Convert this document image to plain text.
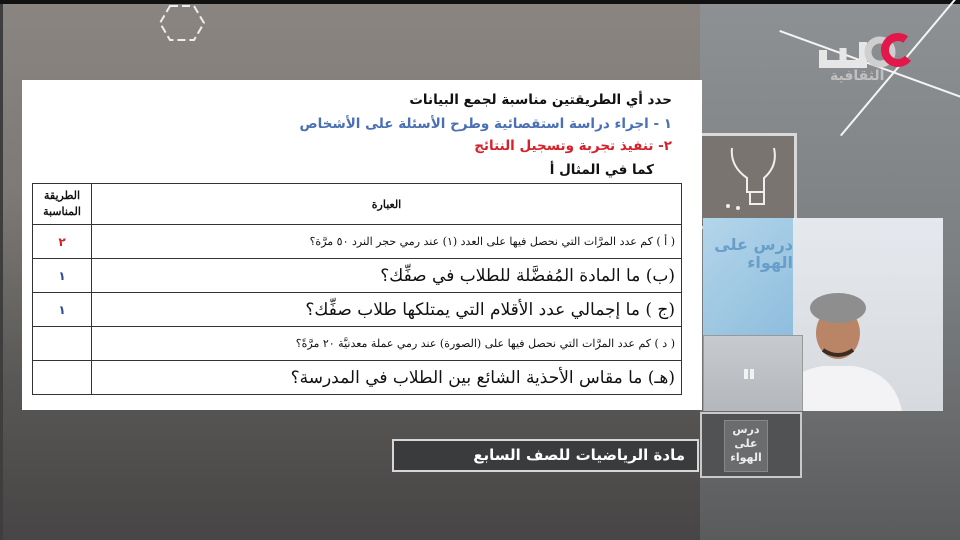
الثقافية
حدد أي الطريقتين مناسبة لجمع البيانات
١ - اجراء دراسة استقصائية وطرح الأسئلة على الأشخاص
٢- تنفيذ تجربة وتسجيل النتائج
كما في المثال أ
العبارة	الطريقة المناسبة
( أ ) كم عدد المرَّات التي نحصل فيها على العدد (١) عند رمي حجر النرد ٥٠ مرَّة؟	٢
(ب) ما المادة المُفضَّلة للطلاب في صفِّك؟	١
(ج ) ما إجمالي عدد الأقلام التي يمتلكها طلاب صفِّك؟	١
( د ) كم عدد المرَّات التي نحصل فيها على (الصورة) عند رمي عملة معدنيَّة ٢٠ مرَّةً؟	
(هـ) ما مقاس الأحذية الشائع بين الطلاب في المدرسة؟	
درس على الهواء
مادة الرياضيات للصف السابع
درس على الهواء
